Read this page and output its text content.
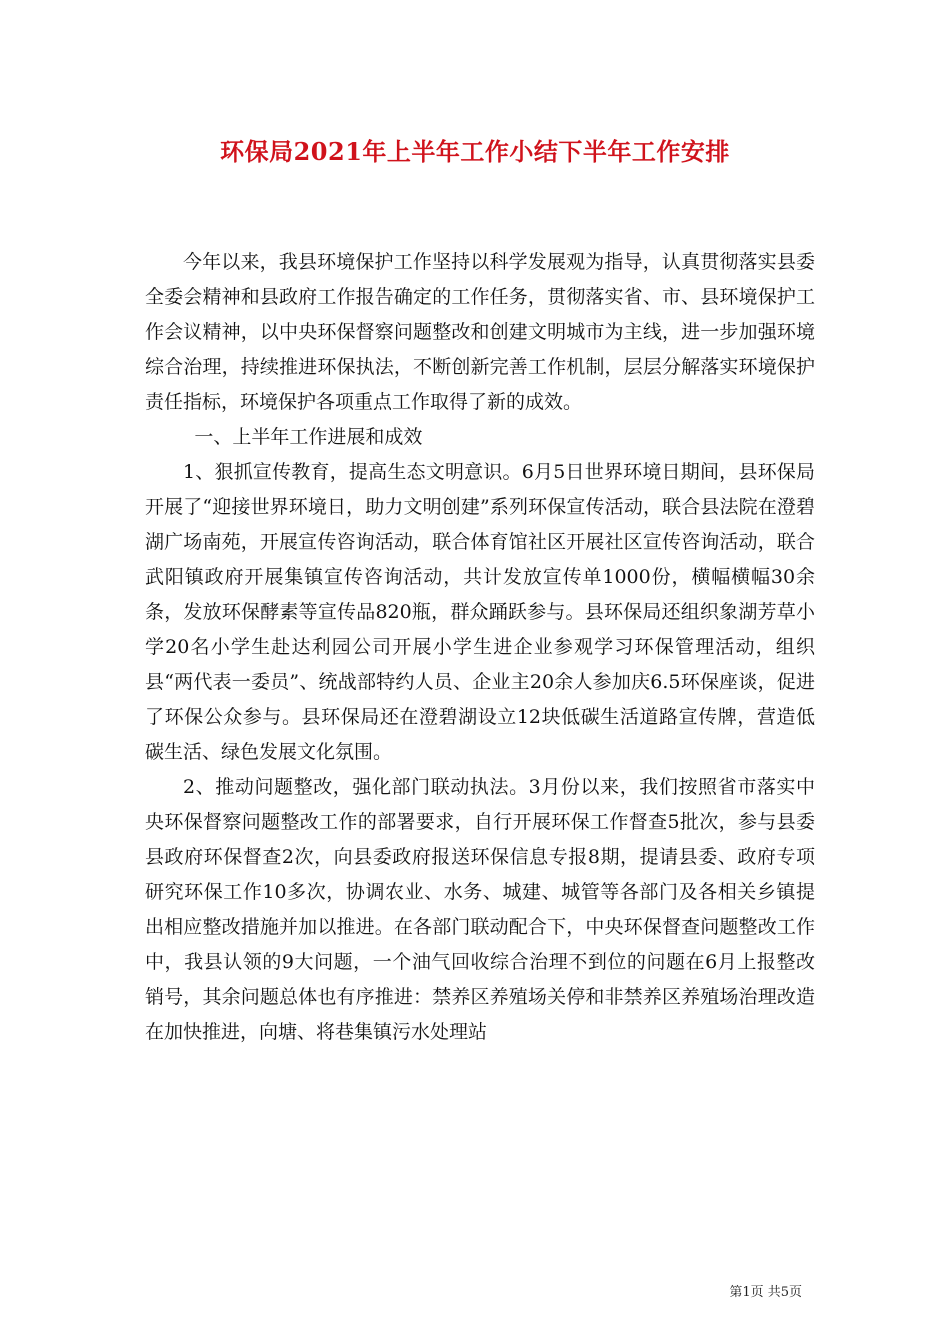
环保局2021年上半年工作小结下半年工作安排

今年以来，我县环境保护工作坚持以科学发展观为指导，认真贯彻落实县委全委会精神和县政府工作报告确定的工作任务，贯彻落实省、市、县环境保护工作会议精神，以中央环保督察问题整改和创建文明城市为主线，进一步加强环境综合治理，持续推进环保执法，不断创新完善工作机制，层层分解落实环境保护责任指标，环境保护各项重点工作取得了新的成效。

一、上半年工作进展和成效

1、狠抓宣传教育，提高生态文明意识。6月5日世界环境日期间，县环保局开展了“迎接世界环境日，助力文明创建”系列环保宣传活动，联合县法院在澄碧湖广场南苑，开展宣传咨询活动，联合体育馆社区开展社区宣传咨询活动，联合武阳镇政府开展集镇宣传咨询活动，共计发放宣传单1000份，横幅横幅30余条，发放环保酵素等宣传品820瓶，群众踊跃参与。县环保局还组织象湖芳草小学20名小学生赴达利园公司开展小学生进企业参观学习环保管理活动，组织县“两代表一委员”、统战部特约人员、企业主20余人参加庆6.5环保座谈，促进了环保公众参与。县环保局还在澄碧湖设立12块低碳生活道路宣传牌，营造低碳生活、绿色发展文化氛围。

2、推动问题整改，强化部门联动执法。3月份以来，我们按照省市落实中央环保督察问题整改工作的部署要求，自行开展环保工作督查5批次，参与县委县政府环保督查2次，向县委政府报送环保信息专报8期，提请县委、政府专项研究环保工作10多次，协调农业、水务、城建、城管等各部门及各相关乡镇提出相应整改措施并加以推进。在各部门联动配合下，中央环保督查问题整改工作中，我县认领的9大问题，一个油气回收综合治理不到位的问题在6月上报整改销号，其余问题总体也有序推进：禁养区养殖场关停和非禁养区养殖场治理改造在加快推进，向塘、将巷集镇污水处理站

第1页 共5页
